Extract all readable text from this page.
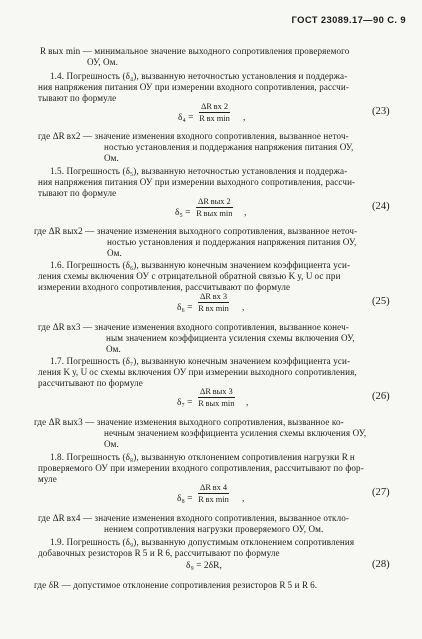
ГОСТ 23089.17—90 С. 9
R вых min — минимальное значение выходного сопротивления проверяемого
ОУ, Ом.
1.4. Погрешность (δ₄), вызванную неточностью установления и поддержа-
ния напряжения питания ОУ при измерении входного сопротивления, рассчи-
тывают по формуле
δ₄ =
ΔR вх 2
R вх min ,
(23)
где ΔR вх2 — значение изменения входного сопротивления, вызванное неточ-
ностью установления и поддержания напряжения питания ОУ,
Ом.
1.5. Погрешность (δ₅), вызванную неточностью установления и поддержа-
ния напряжения питания ОУ при измерении выходного сопротивления, рассчи-
тывают по формуле
δ₅ =
ΔR вых 2
R вых min ,
(24)
где ΔR вых2 — значение изменения выходного сопротивления, вызванное неточ-
ностью установления и поддержания напряжения питания ОУ,
Ом.
1.6. Погрешность (δ₆), вызванную конечным значением коэффициента уси-
ления схемы включения ОУ с отрицательной обратной связью K у, U ос при
измерении входного сопротивления, рассчитывают по формуле
δ₆ =
ΔR вх 3
R вх min ,
(25)
где ΔR вх3 — значение изменения входного сопротивления, вызванное конеч-
ным значением коэффициента усиления схемы включения ОУ,
Ом.
1.7. Погрешность (δ₇), вызванную конечным значением коэффициента уси-
ления K у, U ос схемы включения ОУ при измерении выходного сопротивления,
рассчитывают по формуле
δ₇ =
ΔR вых 3
R вых min ,
(26)
где ΔR вых3 — значение изменения выходного сопротивления, вызванное ко-
нечным значением коэффициента усиления схемы включения ОУ,
Ом.
1.8. Погрешность (δ₈), вызванную отклонением сопротивления нагрузки R н
проверяемого ОУ при измерении входного сопротивления, рассчитывают по фор-
муле
δ₈ =
ΔR вх 4
R вх min ,
(27)
где ΔR вх4 — значение изменения входного сопротивления, вызванное откло-
нением сопротивления нагрузки проверяемого ОУ, Ом.
1.9. Погрешность (δ₉), вызванную допустимым отклонением сопротивления
добавочных резисторов R 5 и R 6, рассчитывают по формуле
δ₉ = 2δR,	(28)
где δR — допустимое отклонение сопротивления резисторов R 5 и R 6.
